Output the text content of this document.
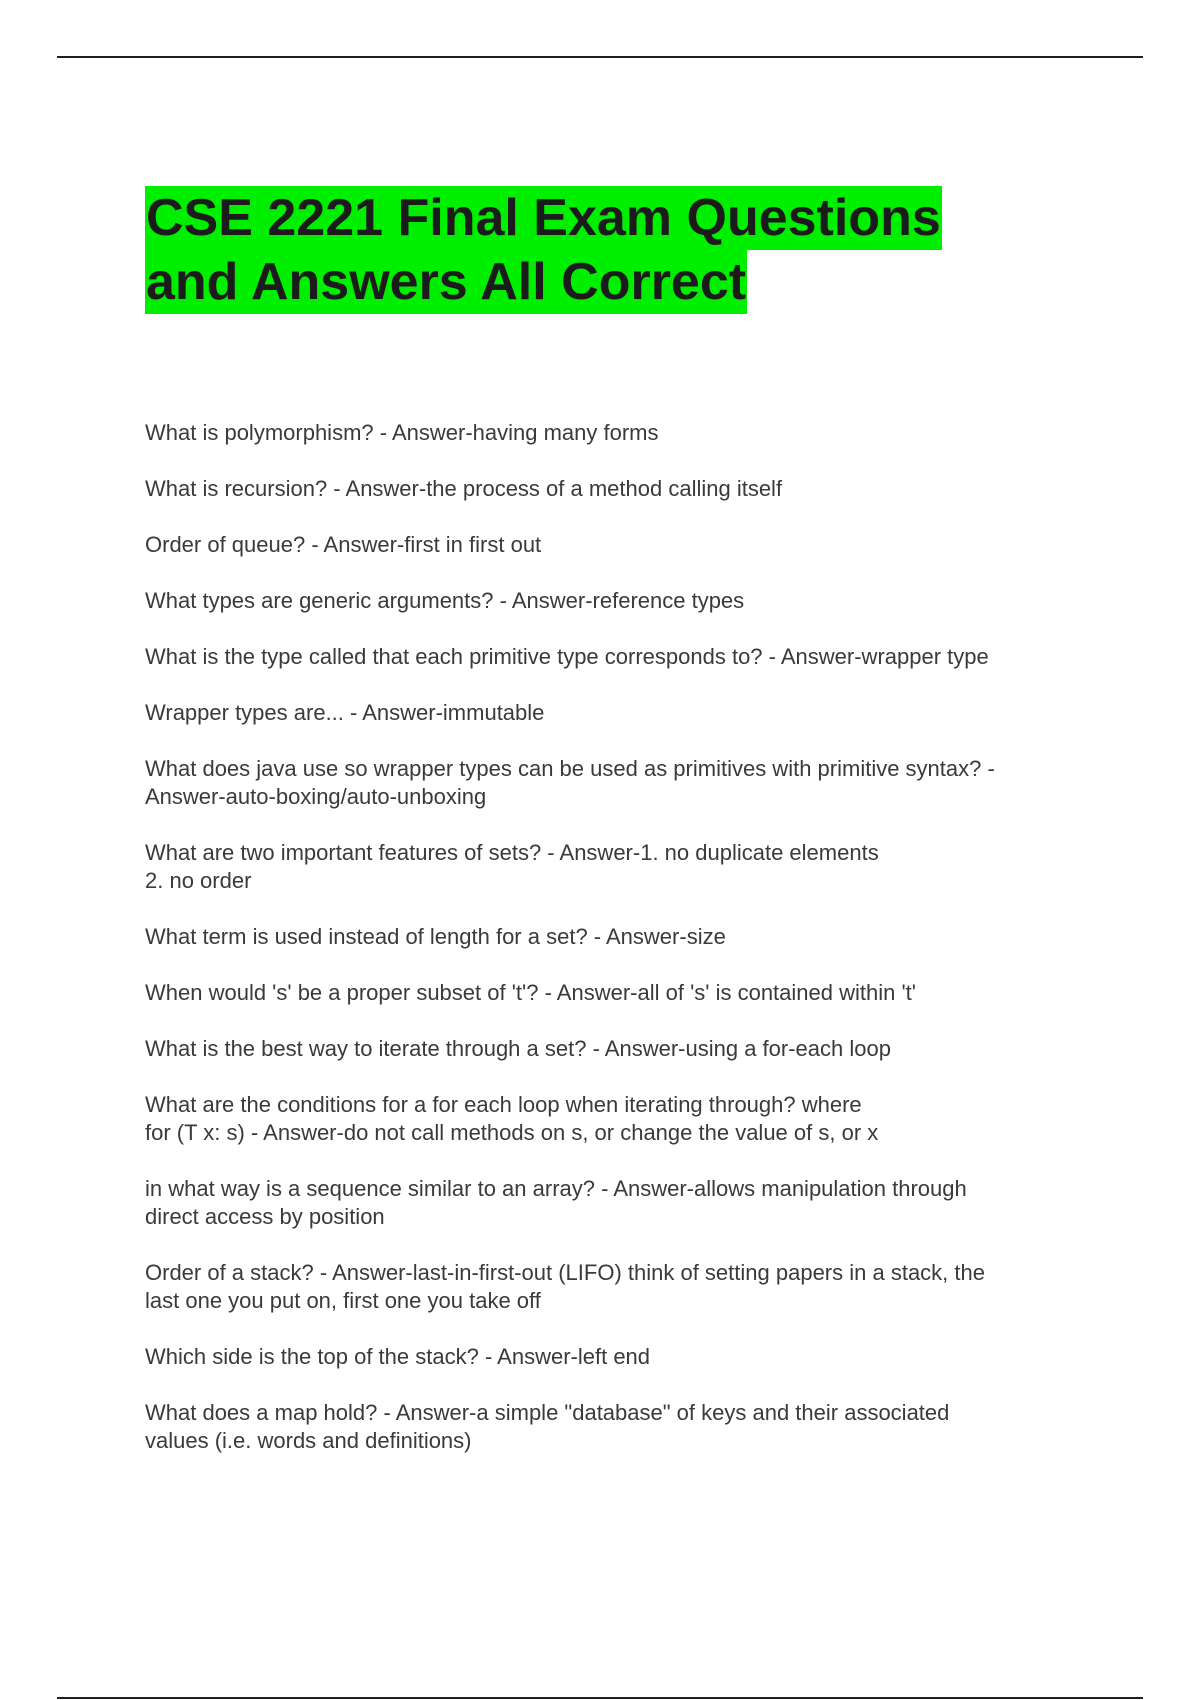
CSE 2221 Final Exam Questions
and Answers All Correct
What is polymorphism? - Answer-having many forms
What is recursion? - Answer-the process of a method calling itself
Order of queue? - Answer-first in first out
What types are generic arguments? - Answer-reference types
What is the type called that each primitive type corresponds to? - Answer-wrapper type
Wrapper types are... - Answer-immutable
What does java use so wrapper types can be used as primitives with primitive syntax? -
Answer-auto-boxing/auto-unboxing
What are two important features of sets? - Answer-1. no duplicate elements
2. no order
What term is used instead of length for a set? - Answer-size
When would 's' be a proper subset of 't'? - Answer-all of 's' is contained within 't'
What is the best way to iterate through a set? - Answer-using a for-each loop
What are the conditions for a for each loop when iterating through? where
for (T x: s) - Answer-do not call methods on s, or change the value of s, or x
in what way is a sequence similar to an array? - Answer-allows manipulation through
direct access by position
Order of a stack? - Answer-last-in-first-out (LIFO) think of setting papers in a stack, the
last one you put on, first one you take off
Which side is the top of the stack? - Answer-left end
What does a map hold? - Answer-a simple "database" of keys and their associated
values (i.e. words and definitions)
